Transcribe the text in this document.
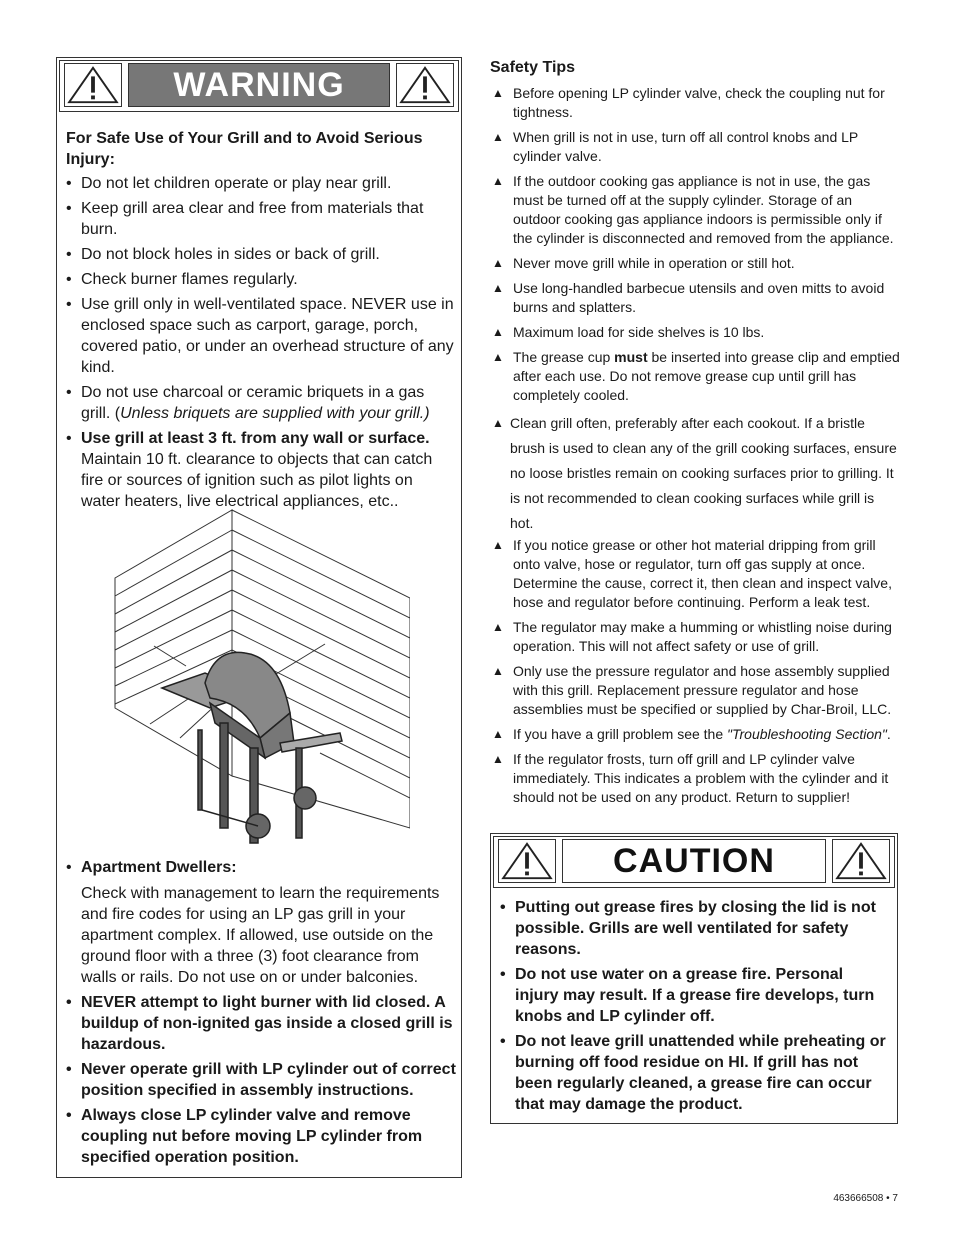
WARNING
For Safe Use of Your Grill and to Avoid Serious Injury:
• Do not let children operate or play near grill.
• Keep grill area clear and free from materials that burn.
• Do not block holes in sides or back of grill.
• Check burner flames regularly.
• Use grill only in well-ventilated space. NEVER use in enclosed space such as carport, garage, porch, covered patio, or under an overhead structure of any kind.
• Do not use charcoal or ceramic briquets in a gas grill. (Unless briquets are supplied with your grill.)
• Use grill at least 3 ft. from any wall or surface. Maintain 10 ft. clearance to objects that can catch fire or sources of ignition such as pilot lights on water heaters, live electrical appliances, etc..
• Apartment Dwellers:
Check with management to learn the requirements and fire codes for using an LP gas grill in your apartment complex. If allowed, use outside on the ground floor with a three (3) foot clearance from walls or rails. Do not use on or under balconies.
• NEVER attempt to light burner with lid closed. A buildup of non-ignited gas inside a closed grill is hazardous.
• Never operate grill with LP cylinder out of correct position specified in assembly instructions.
• Always close LP cylinder valve and remove coupling nut before moving LP cylinder from specified operation position.
Safety Tips
▲ Before opening LP cylinder valve, check the coupling nut for tightness.
▲ When grill is not in use, turn off all control knobs and LP cylinder valve.
▲ If the outdoor cooking gas appliance is not in use, the gas must be turned off at the supply cylinder. Storage of an outdoor cooking gas appliance indoors is permissible only if the cylinder is disconnected and removed from the appliance.
▲ Never move grill while in operation or still hot.
▲ Use long-handled barbecue utensils and oven mitts to avoid burns and splatters.
▲ Maximum load for side shelves is 10 lbs.
▲ The grease cup must be inserted into grease clip and emptied after each use. Do not remove grease cup until grill has completely cooled.
▲ Clean grill often, preferably after each cookout. If a bristle brush is used to clean any of the grill cooking surfaces, ensure no loose bristles remain on cooking surfaces prior to grilling. It is not recommended to clean cooking surfaces while grill is hot.
▲ If you notice grease or other hot material dripping from grill onto valve, hose or regulator, turn off gas supply at once. Determine the cause, correct it, then clean and inspect valve, hose and regulator before continuing. Perform a leak test.
▲ The regulator may make a humming or whistling noise during operation. This will not affect safety or use of grill.
▲ Only use the pressure regulator and hose assembly supplied with this grill. Replacement pressure regulator and hose assemblies must be specified or supplied by Char-Broil, LLC.
▲ If you have a grill problem see the "Troubleshooting Section".
▲ If the regulator frosts, turn off grill and LP cylinder valve immediately. This indicates a problem with the cylinder and it should not be used on any product. Return to supplier!
CAUTION
• Putting out grease fires by closing the lid is not possible. Grills are well ventilated for safety reasons.
• Do not use water on a grease fire. Personal injury may result. If a grease fire develops, turn knobs and LP cylinder off.
• Do not leave grill unattended while preheating or burning off food residue on HI. If grill has not been regularly cleaned, a grease fire can occur that may damage the product.
463666508 • 7
